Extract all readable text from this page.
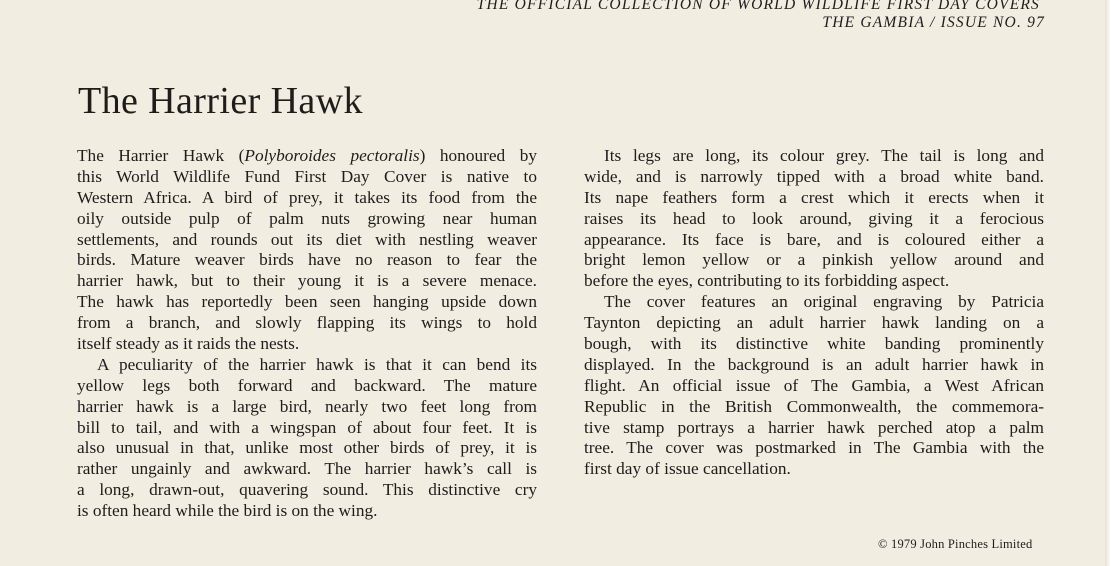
THE OFFICIAL COLLECTION OF WORLD WILDLIFE FIRST DAY COVERS
THE GAMBIA / ISSUE NO. 97
The Harrier Hawk
The Harrier Hawk (Polyboroides pectoralis) honoured by
this World Wildlife Fund First Day Cover is native to
Western Africa. A bird of prey, it takes its food from the
oily outside pulp of palm nuts growing near human
settlements, and rounds out its diet with nestling weaver
birds. Mature weaver birds have no reason to fear the
harrier hawk, but to their young it is a severe menace.
The hawk has reportedly been seen hanging upside down
from a branch, and slowly flapping its wings to hold
itself steady as it raids the nests.
A peculiarity of the harrier hawk is that it can bend its
yellow legs both forward and backward. The mature
harrier hawk is a large bird, nearly two feet long from
bill to tail, and with a wingspan of about four feet. It is
also unusual in that, unlike most other birds of prey, it is
rather ungainly and awkward. The harrier hawk’s call is
a long, drawn-out, quavering sound. This distinctive cry
is often heard while the bird is on the wing.
Its legs are long, its colour grey. The tail is long and
wide, and is narrowly tipped with a broad white band.
Its nape feathers form a crest which it erects when it
raises its head to look around, giving it a ferocious
appearance. Its face is bare, and is coloured either a
bright lemon yellow or a pinkish yellow around and
before the eyes, contributing to its forbidding aspect.
The cover features an original engraving by Patricia
Taynton depicting an adult harrier hawk landing on a
bough, with its distinctive white banding prominently
displayed. In the background is an adult harrier hawk in
flight. An official issue of The Gambia, a West African
Republic in the British Commonwealth, the commemora-
tive stamp portrays a harrier hawk perched atop a palm
tree. The cover was postmarked in The Gambia with the
first day of issue cancellation.
© 1979 John Pinches Limited
